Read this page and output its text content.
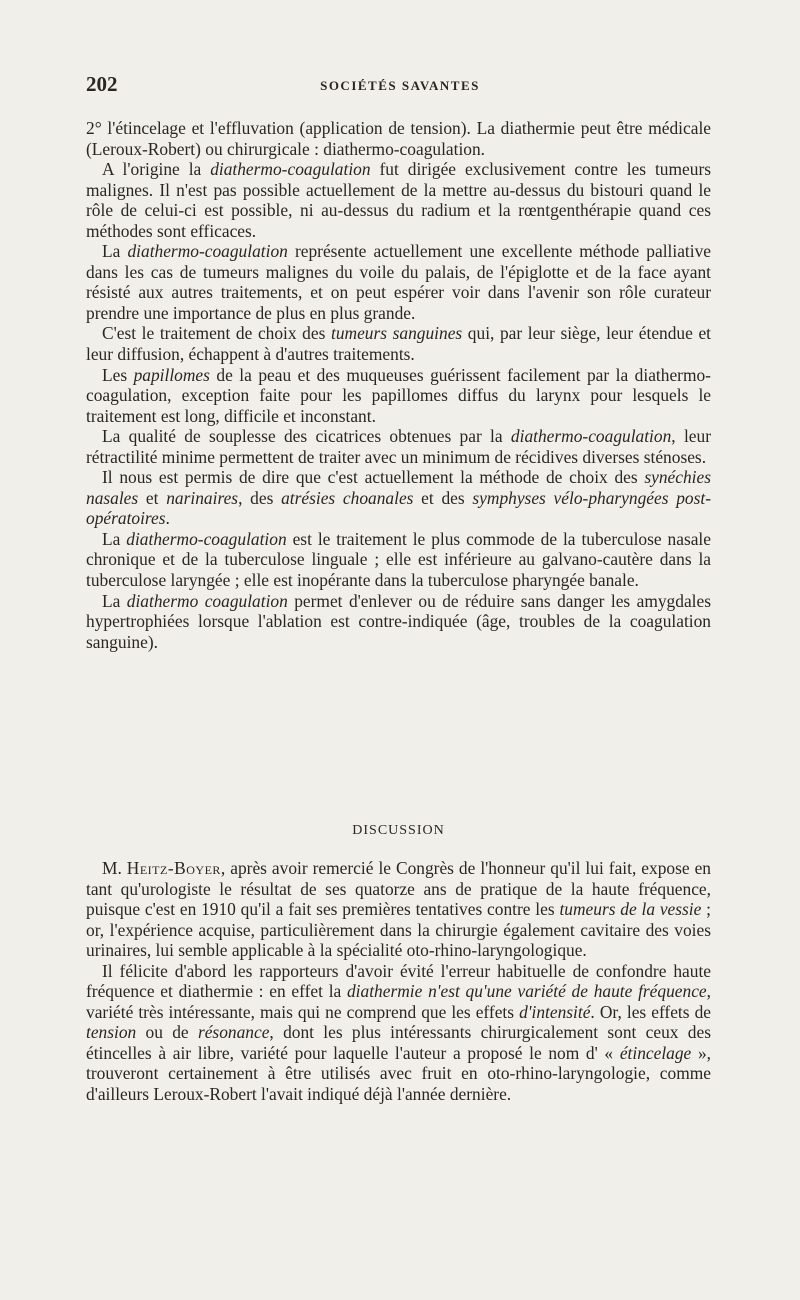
202	SOCIÉTÉS SAVANTES

2° l'étincelage et l'effluvation (application de tension). La diathermie peut être médicale (Leroux-Robert) ou chirurgicale : diathermo-coagulation.

A l'origine la diathermo-coagulation fut dirigée exclusivement contre les tumeurs malignes. Il n'est pas possible actuellement de la mettre au-dessus du bistouri quand le rôle de celui-ci est possible, ni au-dessus du radium et la rœntgenthérapie quand ces méthodes sont efficaces.

La diathermo-coagulation représente actuellement une excellente méthode palliative dans les cas de tumeurs malignes du voile du palais, de l'épiglotte et de la face ayant résisté aux autres traitements, et on peut espérer voir dans l'avenir son rôle curateur prendre une importance de plus en plus grande.

C'est le traitement de choix des tumeurs sanguines qui, par leur siège, leur étendue et leur diffusion, échappent à d'autres traitements.

Les papillomes de la peau et des muqueuses guérissent facilement par la diathermo-coagulation, exception faite pour les papillomes diffus du larynx pour lesquels le traitement est long, difficile et inconstant.

La qualité de souplesse des cicatrices obtenues par la diathermo-coagulation, leur rétractilité minime permettent de traiter avec un minimum de récidives diverses sténoses.

Il nous est permis de dire que c'est actuellement la méthode de choix des synéchies nasales et narinaires, des atrésies choanales et des symphyses vélo-pharyngées post-opératoires.

La diathermo-coagulation est le traitement le plus commode de la tuberculose nasale chronique et de la tuberculose linguale ; elle est inférieure au galvano-cautère dans la tuberculose laryngée ; elle est inopérante dans la tuberculose pharyngée banale.

La diathermo coagulation permet d'enlever ou de réduire sans danger les amygdales hypertrophiées lorsque l'ablation est contre-indiquée (âge, troubles de la coagulation sanguine).

DISCUSSION

M. Heitz-Boyer, après avoir remercié le Congrès de l'honneur qu'il lui fait, expose en tant qu'urologiste le résultat de ses quatorze ans de pratique de la haute fréquence, puisque c'est en 1910 qu'il a fait ses premières tentatives contre les tumeurs de la vessie ; or, l'expérience acquise, particulièrement dans la chirurgie également cavitaire des voies urinaires, lui semble applicable à la spécialité oto-rhino-laryngologique.

Il félicite d'abord les rapporteurs d'avoir évité l'erreur habituelle de confondre haute fréquence et diathermie : en effet la diathermie n'est qu'une variété de haute fréquence, variété très intéressante, mais qui ne comprend que les effets d'intensité. Or, les effets de tension ou de résonance, dont les plus intéressants chirurgicalement sont ceux des étincelles à air libre, variété pour laquelle l'auteur a proposé le nom d' « étincelage », trouveront certainement à être utilisés avec fruit en oto-rhino-laryngologie, comme d'ailleurs Leroux-Robert l'avait indiqué déjà l'année dernière.
